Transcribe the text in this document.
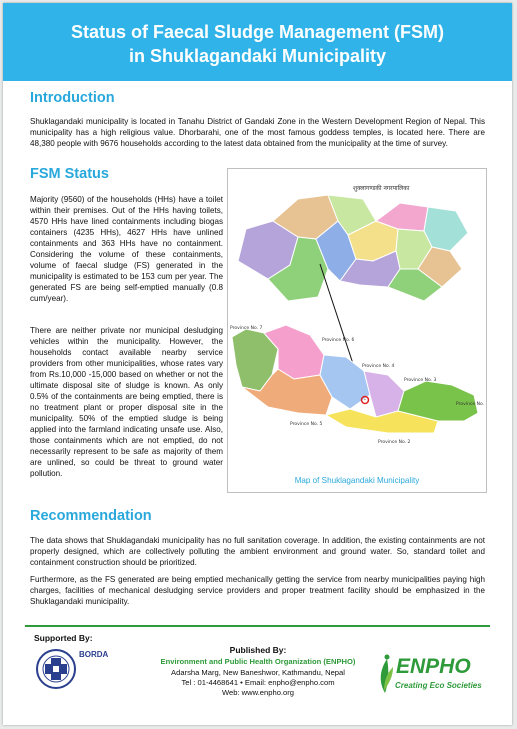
Status of Faecal Sludge Management (FSM)
in Shuklagandaki Municipality
Introduction

Shuklagandaki municipality is located in Tanahu District of Gandaki Zone in the Western Development Region of Nepal. This municipality has a high religious value. Dhorbarahi, one of the most famous goddess temples, is located here. There are 48,380 people with 9676 households according to the latest data obtained from the municipality at the time of survey.

FSM Status

Majority (9560) of the households (HHs) have a toilet within their premises. Out of the HHs having toilets, 4570 HHs have lined containments including biogas containers (4235 HHs), 4627 HHs have unlined containments and 363 HHs have no containment. Considering the volume of these containments, volume of faecal sludge (FS) generated in the municipality is estimated to be 153 cum per year. The generated FS are being self-emptied manually (0.8 cum/year).

There are neither private nor municipal desludging vehicles within the municipality. However, the households contact available nearby service providers from other municipalities, whose rates vary from Rs.10,000 -15,000 based on whether or not the ultimate disposal site of sludge is known. As only 0.5% of the containments are being emptied, there is no treatment plant or proper disposal site in the municipality. 50% of the emptied sludge is being applied into the farmland indicating unsafe use. Also, those containments which are not emptied, do not necessarily represent to be safe as majority of them are unlined, so could be threat to ground water pollution.

शुक्लागण्डकी नगरपालिका
Province No. 7
Province No. 6
Province No. 4
Province No. 3
Province No. 5
Province No. 1
Province No. 2
Map of Shuklagandaki Municipality
Recommendation

The data shows that Shuklagandaki municipality has no full sanitation coverage. In addition, the existing containments are not properly designed, which are collectively polluting the ambient environment and ground water. So, standard toilet and containment construction should be prioritized.

Furthermore, as the FS generated are being emptied mechanically getting the service from nearby municipalities paying high charges, facilities of mechanical desludging service providers and proper treatment facility should be emphasized in the Shuklagandaki municipality.

Supported By:
BORDA	Published By:
Environment and Public Health Organization (ENPHO)
Adarsha Marg, New Baneshwor, Kathmandu, Nepal
Tel : 01-4468641 • Email: enpho@enpho.com
Web: www.enpho.org
ENPHO
Creating Eco Societies
